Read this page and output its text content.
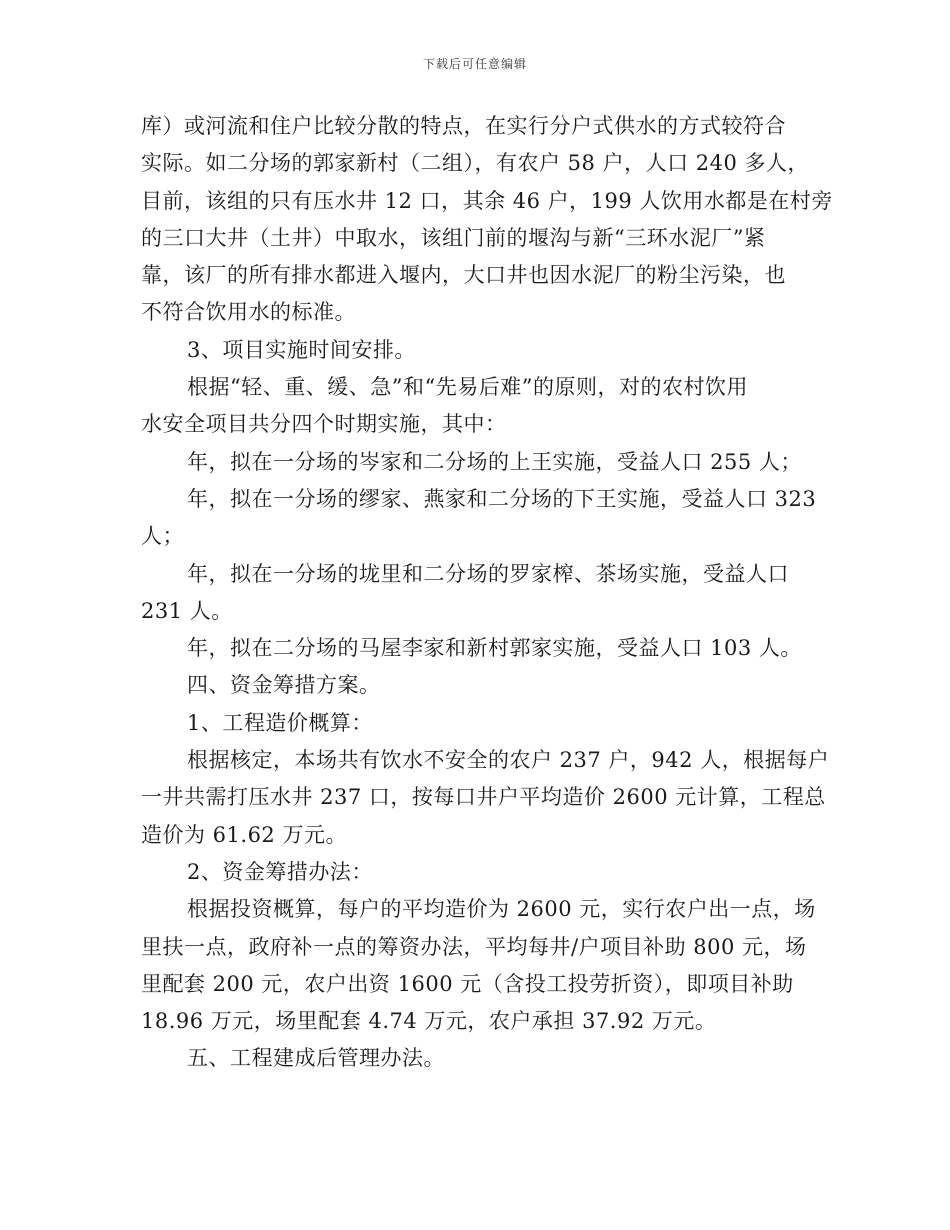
下载后可任意编辑
库）或河流和住户比较分散的特点，在实行分户式供水的方式较符合
实际。如二分场的郭家新村（二组），有农户 58 户，人口 240 多人，
目前，该组的只有压水井 12 口，其余 46 户，199 人饮用水都是在村旁
的三口大井（土井）中取水，该组门前的堰沟与新“三环水泥厂”紧
靠，该厂的所有排水都进入堰内，大口井也因水泥厂的粉尘污染，也
不符合饮用水的标准。
3、项目实施时间安排。
根据“轻、重、缓、急”和“先易后难”的原则，对的农村饮用
水安全项目共分四个时期实施，其中：
年，拟在一分场的岑家和二分场的上王实施，受益人口 255 人；
年，拟在一分场的缪家、燕家和二分场的下王实施，受益人口 323
人；
年，拟在一分场的垅里和二分场的罗家榨、茶场实施，受益人口
231 人。
年，拟在二分场的马屋李家和新村郭家实施，受益人口 103 人。
四、资金筹措方案。
1、工程造价概算：
根据核定，本场共有饮水不安全的农户 237 户，942 人，根据每户
一井共需打压水井 237 口，按每口井户平均造价 2600 元计算，工程总
造价为 61.62 万元。
2、资金筹措办法：
根据投资概算，每户的平均造价为 2600 元，实行农户出一点，场
里扶一点，政府补一点的筹资办法，平均每井/户项目补助 800 元，场
里配套 200 元，农户出资 1600 元（含投工投劳折资），即项目补助
18.96 万元，场里配套 4.74 万元，农户承担 37.92 万元。
五、工程建成后管理办法。
